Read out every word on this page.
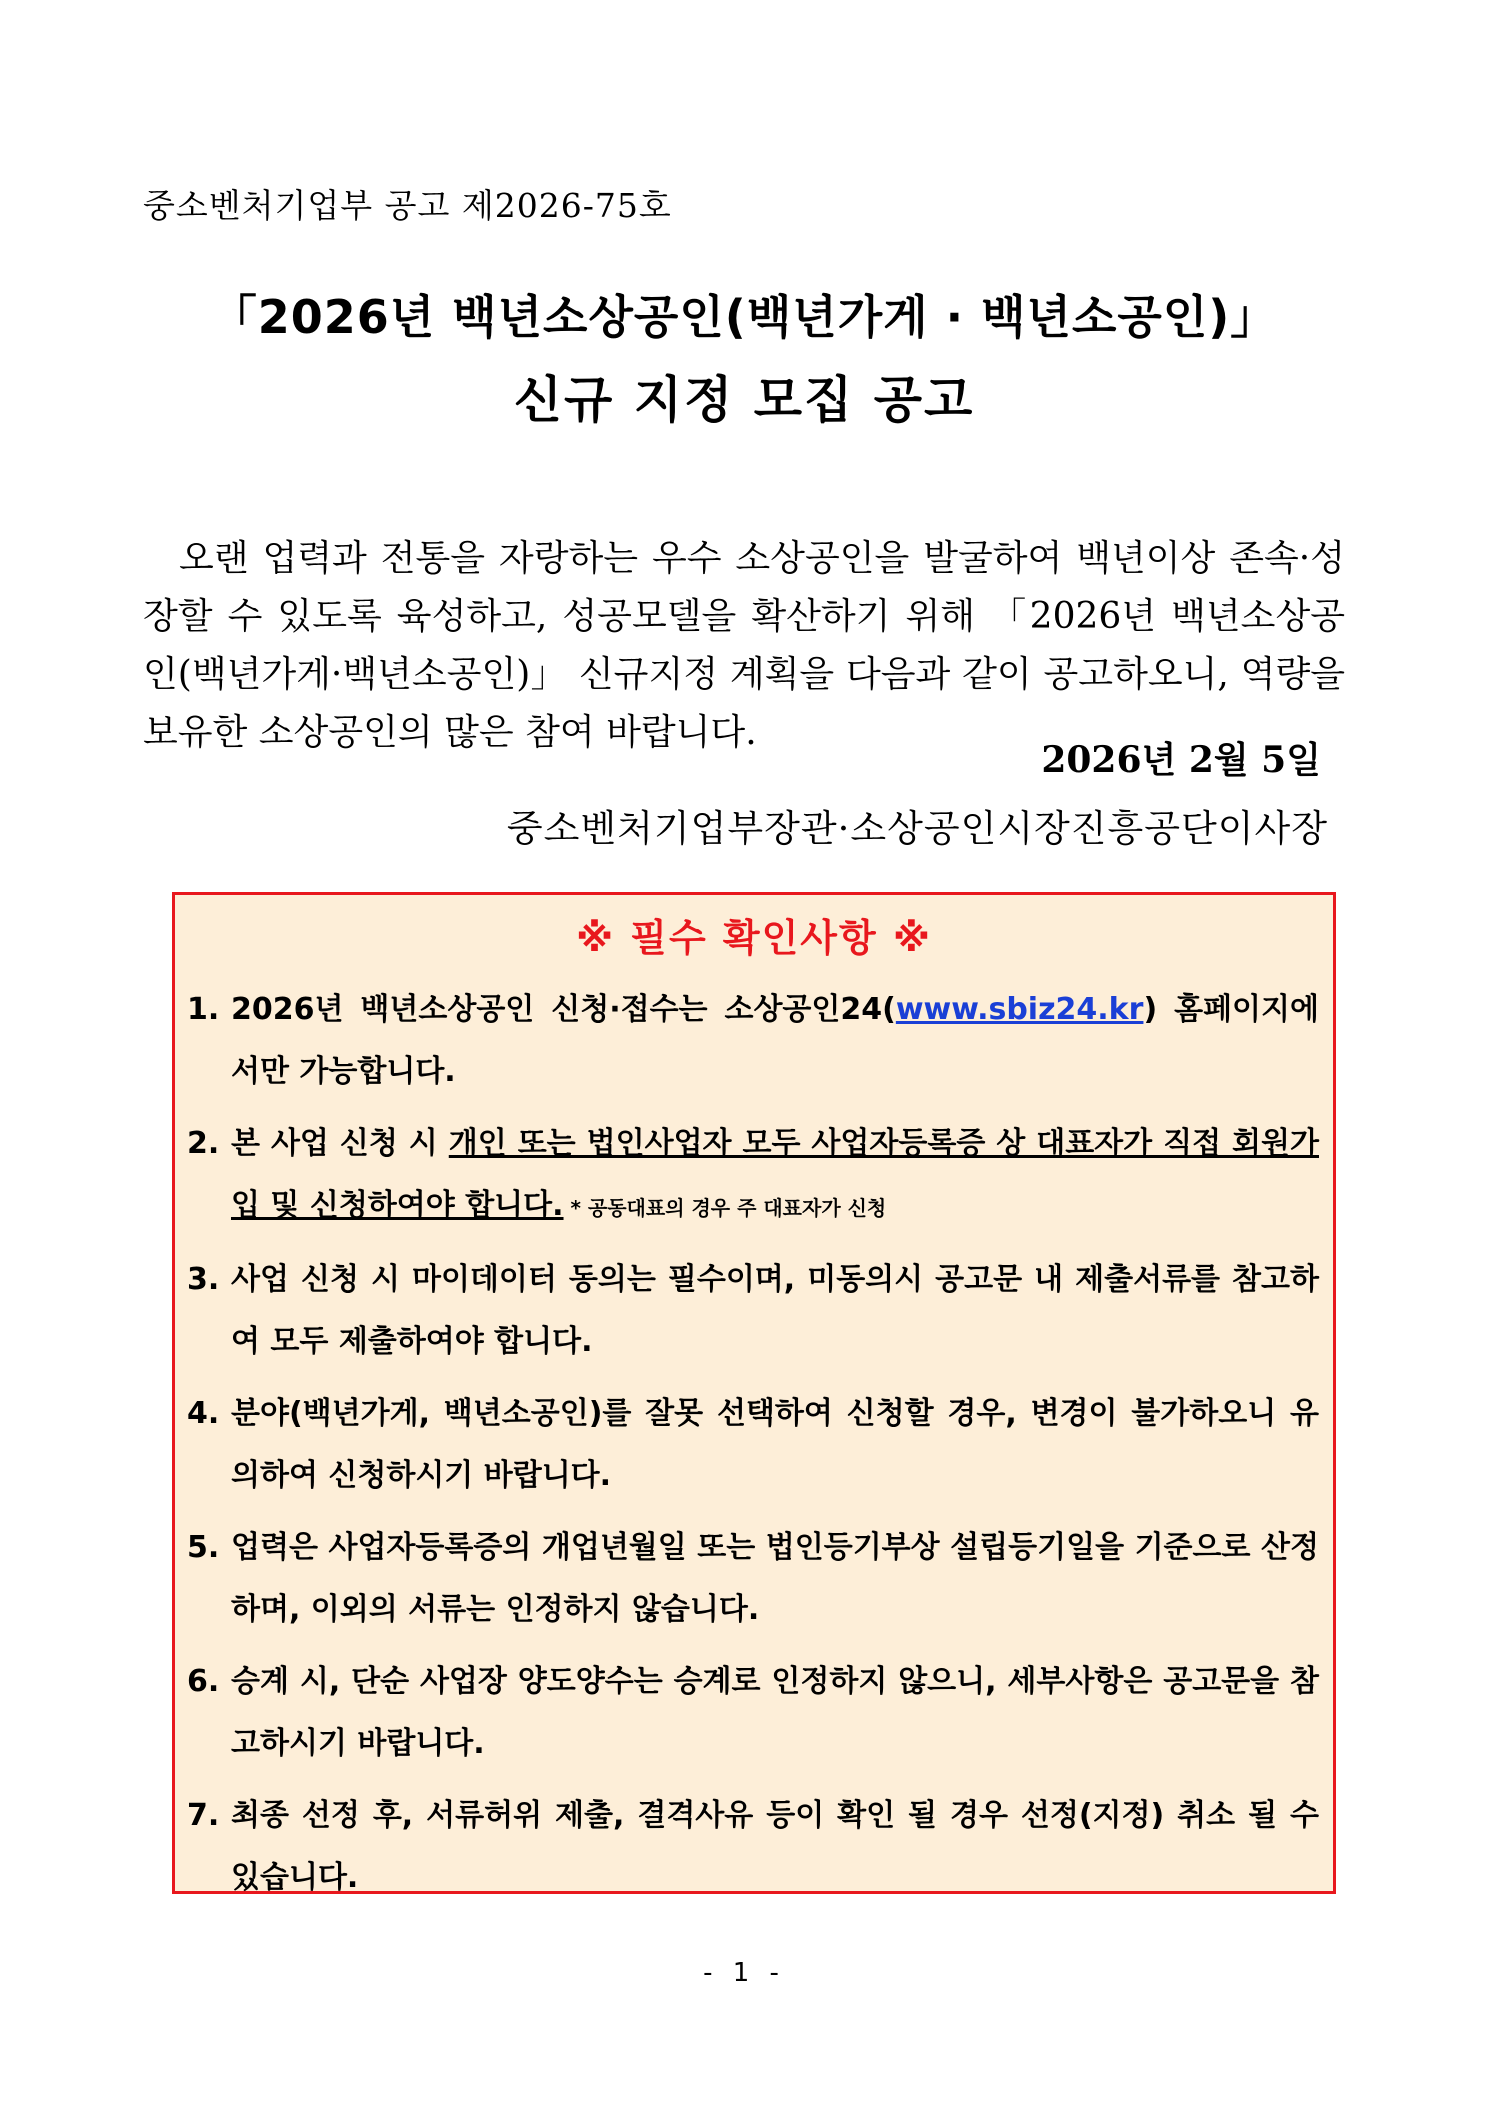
중소벤처기업부 공고 제2026-75호
「2026년 백년소상공인(백년가게 · 백년소공인)」
신규 지정 모집 공고

오랜 업력과 전통을 자랑하는 우수 소상공인을 발굴하여 백년이상 존속·성장할 수 있도록 육성하고, 성공모델을 확산하기 위해 「2026년 백년소상공인(백년가게·백년소공인)」 신규지정 계획을 다음과 같이 공고하오니, 역량을 보유한 소상공인의 많은 참여 바랍니다.

2026년 2월 5일
중소벤처기업부장관·소상공인시장진흥공단이사장
※ 필수 확인사항 ※
1. 2026년 백년소상공인 신청·접수는 소상공인24(www.sbiz24.kr) 홈페이지에서만 가능합니다.
2. 본 사업 신청 시 개인 또는 법인사업자 모두 사업자등록증 상 대표자가 직접 회원가입 및 신청하여야 합니다. * 공동대표의 경우 주 대표자가 신청
3. 사업 신청 시 마이데이터 동의는 필수이며, 미동의시 공고문 내 제출서류를 참고하여 모두 제출하여야 합니다.
4. 분야(백년가게, 백년소공인)를 잘못 선택하여 신청할 경우, 변경이 불가하오니 유의하여 신청하시기 바랍니다.
5. 업력은 사업자등록증의 개업년월일 또는 법인등기부상 설립등기일을 기준으로 산정하며, 이외의 서류는 인정하지 않습니다.
6. 승계 시, 단순 사업장 양도양수는 승계로 인정하지 않으니, 세부사항은 공고문을 참고하시기 바랍니다.
7. 최종 선정 후, 서류허위 제출, 결격사유 등이 확인 될 경우 선정(지정) 취소 될 수 있습니다.
- 1 -
